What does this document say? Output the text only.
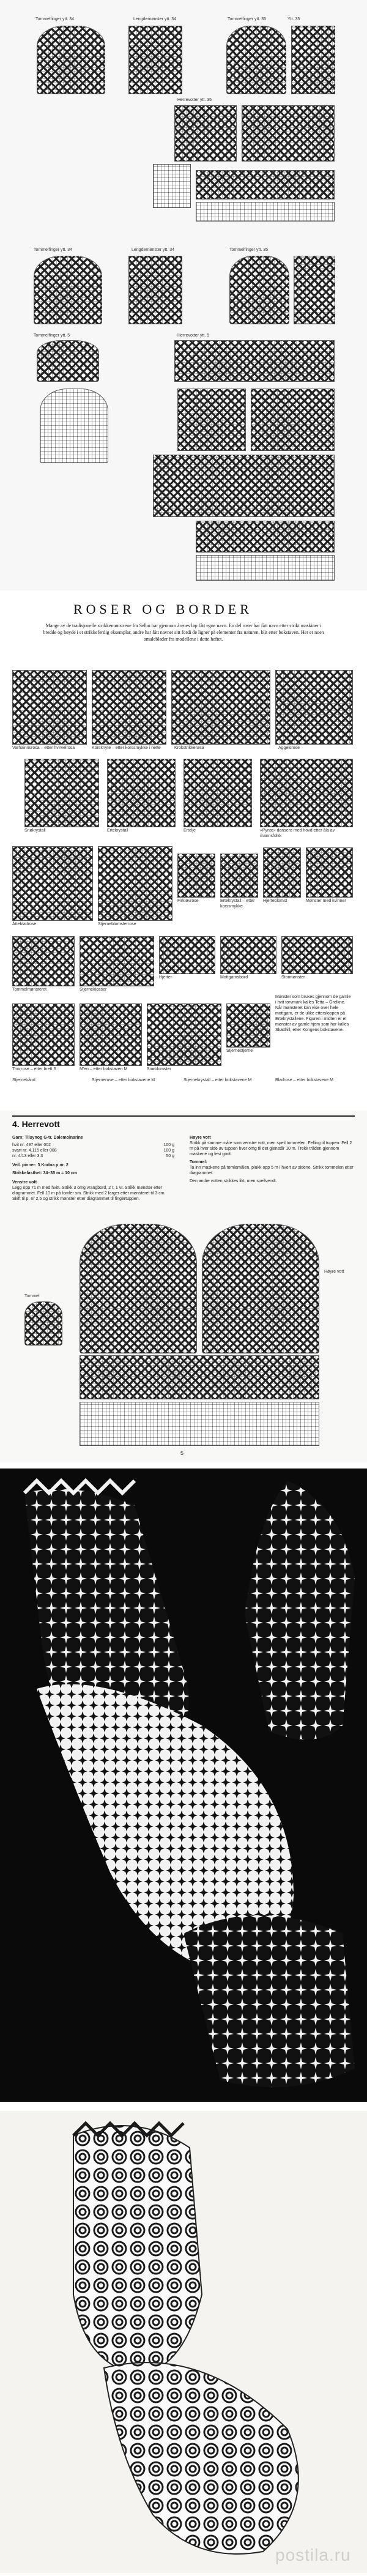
Tommelfinger ytt. 34	Lengdemønster ytt. 34	Tommelfinger ytt. 35	Ytt. 35
Herrevotter ytt. 35
Tommelfinger ytt. 34	Lengdemønster ytt. 34	Tommelfinger ytt. 35
Tommelfinger ytt. 5	Herrevotter ytt. 5
ROSER OG BORDER

Mange av de tradisjonelle strikkemønstrene fra Selbu har gjennom årenes løp fått egne navn. En del roser har fått navn etter strikt maskiner i bredde og høyde i et strikkeferdig eksemplar, andre har fått navnet sitt fordi de ligner på elementer fra naturen, blit etter bokstaven. Her er noen smaleblader fra modellene i dette heftet.

Varhainnsrosa – etter hvirvelrosa	Korsknyte – etter korssmykke i nette	Krokstrikkerøsa	Aggelsrose
Snøkrystall	Ertekrystall	Ertelje	«Pynte» dansere med hovd etter åla av mannsfolkk
Åttebladrose	Stjerneblomsterrose
Firkløvrose	Ertekrystall – etter korssmykke
Hjerteblomst	Mønster med kvinner
Tommelmønsteret	Stjernekiosser
Hjerter	Mottgarnsbord	Stormønster

Mønster som brukes gjennom de gamle i hvit torvmark kalles Tetta – Grelkne. Når mønsteret kan vise over hele mottgarn, er de ulike ettersloppen på Ertekrystallene. Figuren i midten er et mønster av gamle hjem som har kalles Skatthill, etter Kongens bokstavene.

Triorrose – etter brett S	M'en – etter bokstaven M	Snøblomster
Stjernestjerne
Stjernebånd	Stjernerose – etter bokstavene M	Stjernekrystall – etter bokstavene M	Bladrose – etter bokstavene M
4. Herrevott

Garn: Tilsynog G-tr. Dalemolnarine

hvit nr. 497 eller 002	100 g
svart nr. 4.115 eller 008	100 g
nr. 4/13 eller 3.3	50 g

Veil. pinner: 3 Kodna p.nr. 2

Strikkefasthet: 34–35 m = 10 cm

Venstre vott

Legg opp 71 m med hvitt. Strikk 3 omg vrangbord, 2 r, 1 vr. Strikk mønster etter diagrammet. Fell 10 m på tomler sm. Strikk med 2 farger etter mønsteret til 3 cm. Skift til p. nr 2,5 og strikk mønster etter diagrammet til fingertuppen.

Høyre vott

Strikk på samme måte som venstre vott, men speil tommelen. Felling til tuppen: Fell 2 m på hver side av tuppen hver omg til det gjenstår 10 m. Trekk tråden gjennom maskene og fest godt.

Tommel:

Ta inn maskene på tomlernålen, plukk opp 5 m i hvert av sidene. Strikk tommelen etter diagrammet.

Den andre votten strikkes likt, men speilvendt.

Tommel
Høyre vott
5
postila.ru
